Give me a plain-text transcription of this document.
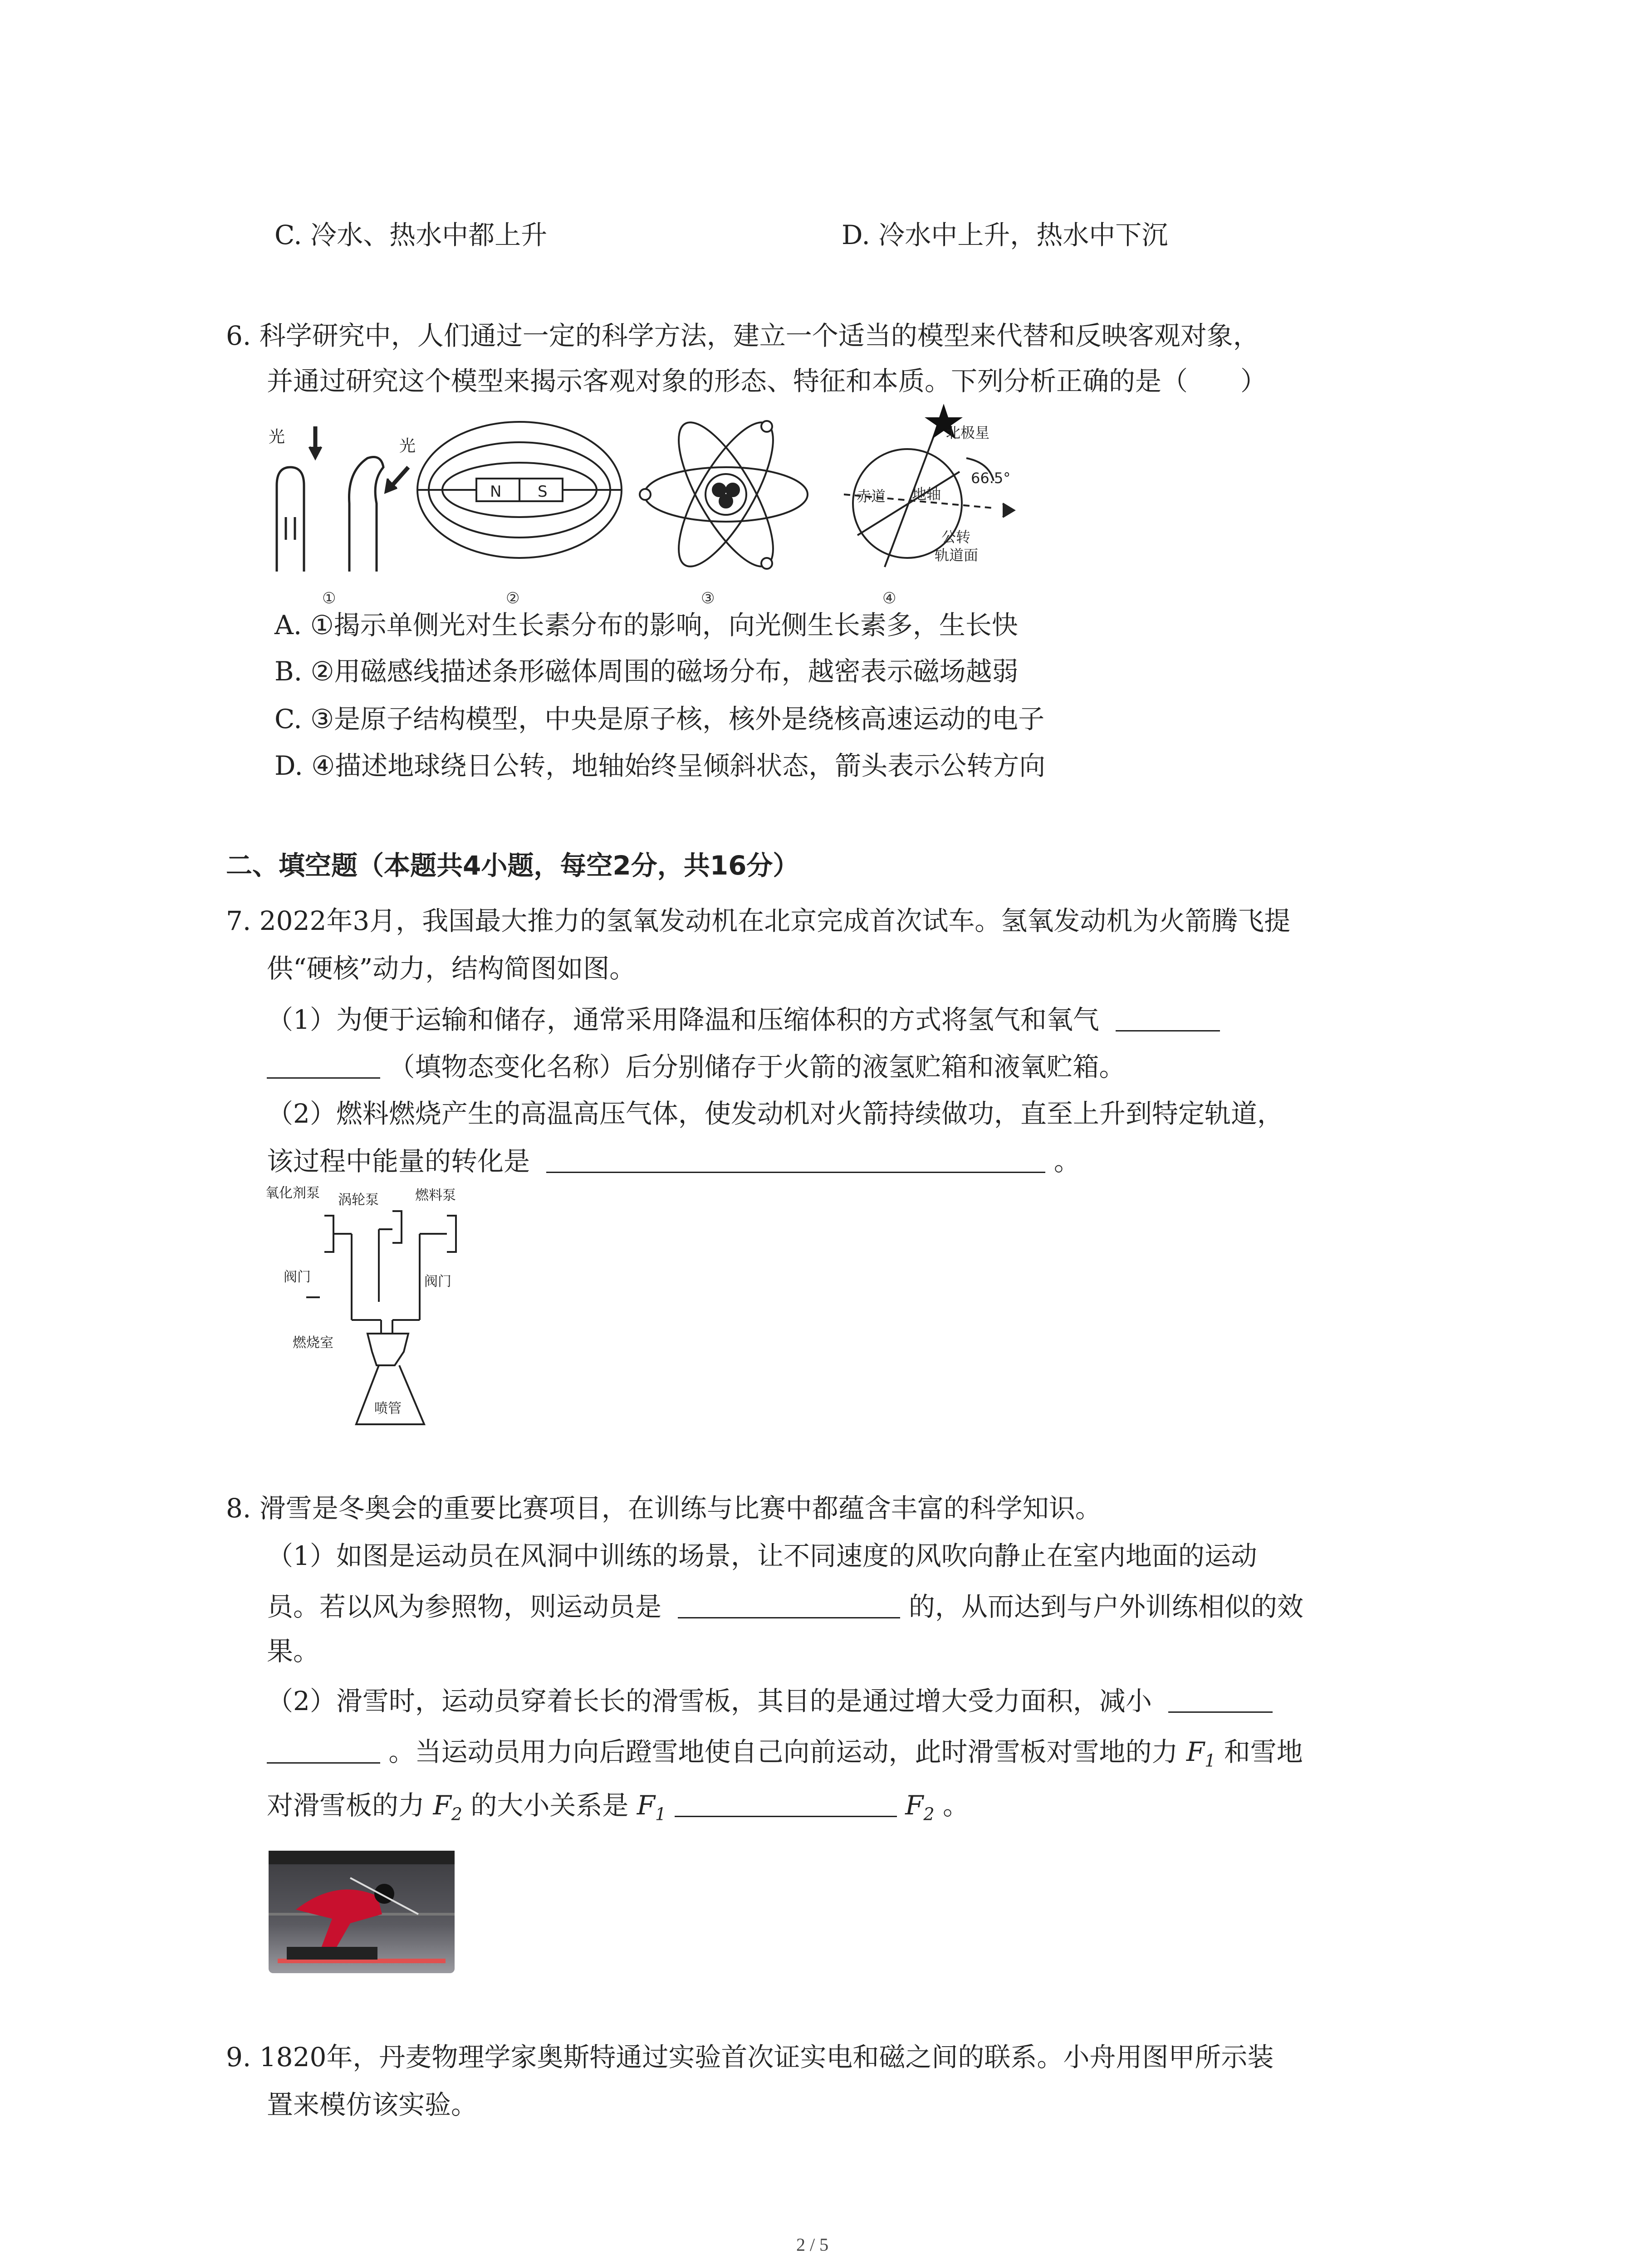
C. 冷水、热水中都上升	D. 冷水中上升，热水中下沉
6. 科学研究中，人们通过一定的科学方法，建立一个适当的模型来代替和反映客观对象，
并通过研究这个模型来揭示客观对象的形态、特征和本质。下列分析正确的是（　　）
光	光
N S
北极星
66.5°
赤道 地轴
公转
轨道面
①	②	③	④
A. ①揭示单侧光对生长素分布的影响，向光侧生长素多，生长快
B. ②用磁感线描述条形磁体周围的磁场分布，越密表示磁场越弱
C. ③是原子结构模型，中央是原子核，核外是绕核高速运动的电子
D. ④描述地球绕日公转，地轴始终呈倾斜状态，箭头表示公转方向
二、填空题（本题共4小题，每空2分，共16分）
7. 2022年3月，我国最大推力的氢氧发动机在北京完成首次试车。氢氧发动机为火箭腾飞提
供“硬核”动力，结构简图如图。
（1）为便于运输和储存，通常采用降温和压缩体积的方式将氢气和氧气
（填物态变化名称）后分别储存于火箭的液氢贮箱和液氧贮箱。
（2）燃料燃烧产生的高温高压气体，使发动机对火箭持续做功，直至上升到特定轨道，
该过程中能量的转化是	。
氧化剂泵 涡轮泵	燃料泵
阀门	阀门
燃烧室
喷管
8. 滑雪是冬奥会的重要比赛项目，在训练与比赛中都蕴含丰富的科学知识。
（1）如图是运动员在风洞中训练的场景，让不同速度的风吹向静止在室内地面的运动
员。若以风为参照物，则运动员是	的，从而达到与户外训练相似的效
果。
（2）滑雪时，运动员穿着长长的滑雪板，其目的是通过增大受力面积，减小
。当运动员用力向后蹬雪地使自己向前运动，此时滑雪板对雪地的力 $F_1$ 和雪地
对滑雪板的力 $F_2$ 的大小关系是 $F_1$	$F_2$ 。
9. 1820年，丹麦物理学家奥斯特通过实验首次证实电和磁之间的联系。小舟用图甲所示装
置来模仿该实验。
2 / 5
